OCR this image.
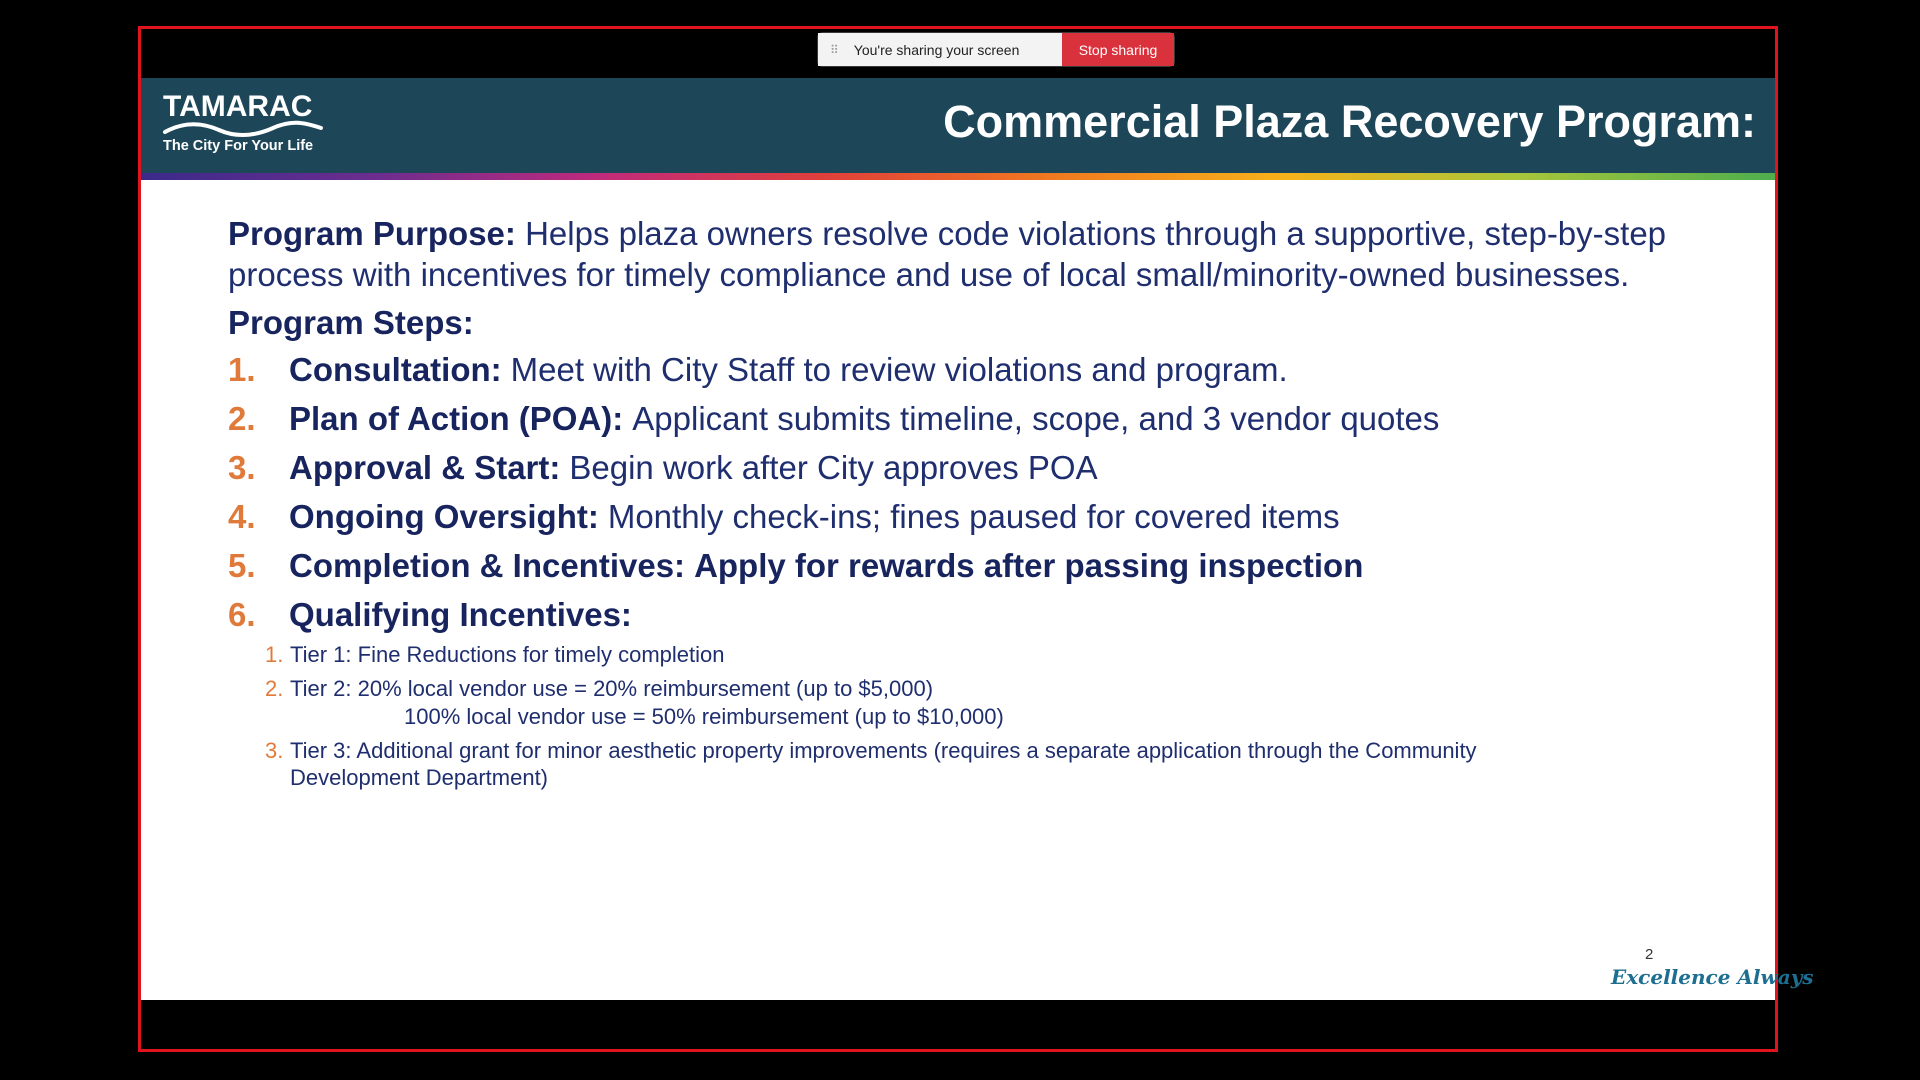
⠿ You're sharing your screen	Stop sharing
TAMARAC
The City For Your Life	Commercial Plaza Recovery Program:

Program Purpose: Helps plaza owners resolve code violations through a supportive, step-by-step process with incentives for timely compliance and use of local small/minority-owned businesses.

Program Steps:
1.	Consultation: Meet with City Staff to review violations and program.
2.	Plan of Action (POA): Applicant submits timeline, scope, and 3 vendor quotes
3.	Approval & Start: Begin work after City approves POA
4.	Ongoing Oversight: Monthly check-ins; fines paused for covered items
5.	Completion & Incentives: Apply for rewards after passing inspection
6.	Qualifying Incentives:
1. Tier 1: Fine Reductions for timely completion
2. Tier 2: 20% local vendor use = 20% reimbursement (up to $5,000)
100% local vendor use = 50% reimbursement (up to $10,000)
3. Tier 3: Additional grant for minor aesthetic property improvements (requires a separate application through the Community Development Department)
2
Excellence Always
